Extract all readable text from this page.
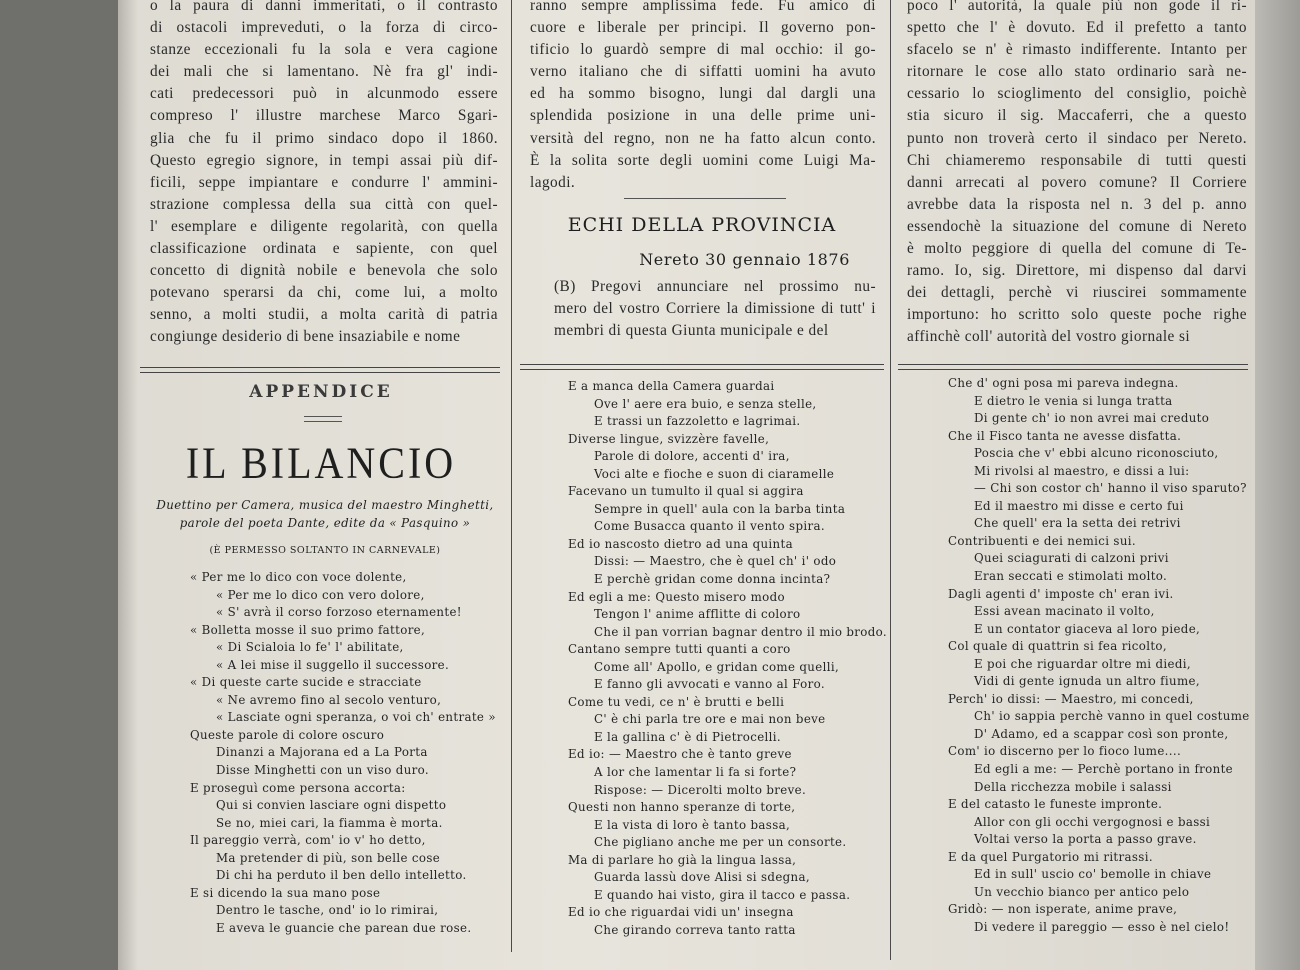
o la paura di danni immeritati, o il contrasto
di ostacoli impreveduti, o la forza di circo-
stanze eccezionali fu la sola e vera cagione
dei mali che si lamentano. Nè fra gl' indi-
cati predecessori può in alcunmodo essere
compreso l' illustre marchese Marco Sgari-
glia che fu il primo sindaco dopo il 1860.
Questo egregio signore, in tempi assai più dif-
ficili, seppe impiantare e condurre l' ammini-
strazione complessa della sua città con quel-
l' esemplare e diligente regolarità, con quella
classificazione ordinata e sapiente, con quel
concetto di dignità nobile e benevola che solo
potevano sperarsi da chi, come lui, a molto
senno, a molti studii, a molta carità di patria
congiunge desiderio di bene insaziabile e nome
ranno sempre amplissima fede. Fu amico di
cuore e liberale per principi. Il governo pon-
tificio lo guardò sempre di mal occhio: il go-
verno italiano che di siffatti uomini ha avuto
ed ha sommo bisogno, lungi dal dargli una
splendida posizione in una delle prime uni-
versità del regno, non ne ha fatto alcun conto.
È la solita sorte degli uomini come Luigi Ma-
lagodi.
poco l' autorità, la quale più non gode il ri-
spetto che l' è dovuto. Ed il prefetto a tanto
sfacelo se n' è rimasto indifferente. Intanto per
ritornare le cose allo stato ordinario sarà ne-
cessario lo scioglimento del consiglio, poichè
stia sicuro il sig. Maccaferri, che a questo
punto non troverà certo il sindaco per Nereto.
Chi chiameremo responsabile di tutti questi
danni arrecati al povero comune? Il Corriere
avrebbe data la risposta nel n. 3 del p. anno
essendochè la situazione del comune di Nereto
è molto peggiore di quella del comune di Te-
ramo. Io, sig. Direttore, mi dispenso dal darvi
dei dettagli, perchè vi riuscirei sommamente
importuno: ho scritto solo queste poche righe
affinchè coll' autorità del vostro giornale si
ECHI DELLA PROVINCIA
Nereto 30 gennaio 1876
(B) Pregovi annunciare nel prossimo nu-
mero del vostro Corriere la dimissione di tutt' i
membri di questa Giunta municipale e del
APPENDICE
IL BILANCIO
Duettino per Camera, musica del maestro Minghetti,
parole del poeta Dante, edite da « Pasquino »
(È PERMESSO SOLTANTO IN CARNEVALE)
« Per me lo dico con voce dolente,
« Per me lo dico con vero dolore,
« S' avrà il corso forzoso eternamente!
« Bolletta mosse il suo primo fattore,
« Di Scialoia lo fe' l' abilitate,
« A lei mise il suggello il successore.
« Di queste carte sucide e stracciate
« Ne avremo fino al secolo venturo,
« Lasciate ogni speranza, o voi ch' entrate »
Queste parole di colore oscuro
Dinanzi a Majorana ed a La Porta
Disse Minghetti con un viso duro.
E proseguì come persona accorta:
Qui si convien lasciare ogni dispetto
Se no, miei cari, la fiamma è morta.
Il pareggio verrà, com' io v' ho detto,
Ma pretender di più, son belle cose
Di chi ha perduto il ben dello intelletto.
E si dicendo la sua mano pose
Dentro le tasche, ond' io lo rimirai,
E aveva le guancie che parean due rose.
E a manca della Camera guardai
Ove l' aere era buio, e senza stelle,
E trassi un fazzoletto e lagrimai.
Diverse lingue, svizzère favelle,
Parole di dolore, accenti d' ira,
Voci alte e fioche e suon di ciaramelle
Facevano un tumulto il qual si aggira
Sempre in quell' aula con la barba tinta
Come Busacca quanto il vento spira.
Ed io nascosto dietro ad una quinta
Dissi: — Maestro, che è quel ch' i' odo
E perchè gridan come donna incinta?
Ed egli a me: Questo misero modo
Tengon l' anime afflitte di coloro
Che il pan vorrian bagnar dentro il mio brodo.
Cantano sempre tutti quanti a coro
Come all' Apollo, e gridan come quelli,
E fanno gli avvocati e vanno al Foro.
Come tu vedi, ce n' è brutti e belli
C' è chi parla tre ore e mai non beve
E la gallina c' è di Pietrocelli.
Ed io: — Maestro che è tanto greve
A lor che lamentar li fa si forte?
Rispose: — Dicerolti molto breve.
Questi non hanno speranze di torte,
E la vista di loro è tanto bassa,
Che pigliano anche me per un consorte.
Ma di parlare ho già la lingua lassa,
Guarda lassù dove Alisi si sdegna,
E quando hai visto, gira il tacco e passa.
Ed io che riguardai vidi un' insegna
Che girando correva tanto ratta
Che d' ogni posa mi pareva indegna.
E dietro le venia si lunga tratta
Di gente ch' io non avrei mai creduto
Che il Fisco tanta ne avesse disfatta.
Poscia che v' ebbi alcuno riconosciuto,
Mi rivolsi al maestro, e dissi a lui:
— Chi son costor ch' hanno il viso sparuto?
Ed il maestro mi disse e certo fui
Che quell' era la setta dei retrivi
Contribuenti e dei nemici sui.
Quei sciagurati di calzoni privi
Eran seccati e stimolati molto.
Dagli agenti d' imposte ch' eran ivi.
Essi avean macinato il volto,
E un contator giaceva al loro piede,
Col quale di quattrin si fea ricolto,
E poi che riguardar oltre mi diedi,
Vidi di gente ignuda un altro fiume,
Perch' io dissi: — Maestro, mi concedi,
Ch' io sappia perchè vanno in quel costume
D' Adamo, ed a scappar così son pronte,
Com' io discerno per lo fioco lume....
Ed egli a me: — Perchè portano in fronte
Della ricchezza mobile i salassi
E del catasto le funeste impronte.
Allor con gli occhi vergognosi e bassi
Voltai verso la porta a passo grave.
E da quel Purgatorio mi ritrassi.
Ed in sull' uscio co' bemolle in chiave
Un vecchio bianco per antico pelo
Gridò: — non isperate, anime prave,
Di vedere il pareggio — esso è nel cielo!
